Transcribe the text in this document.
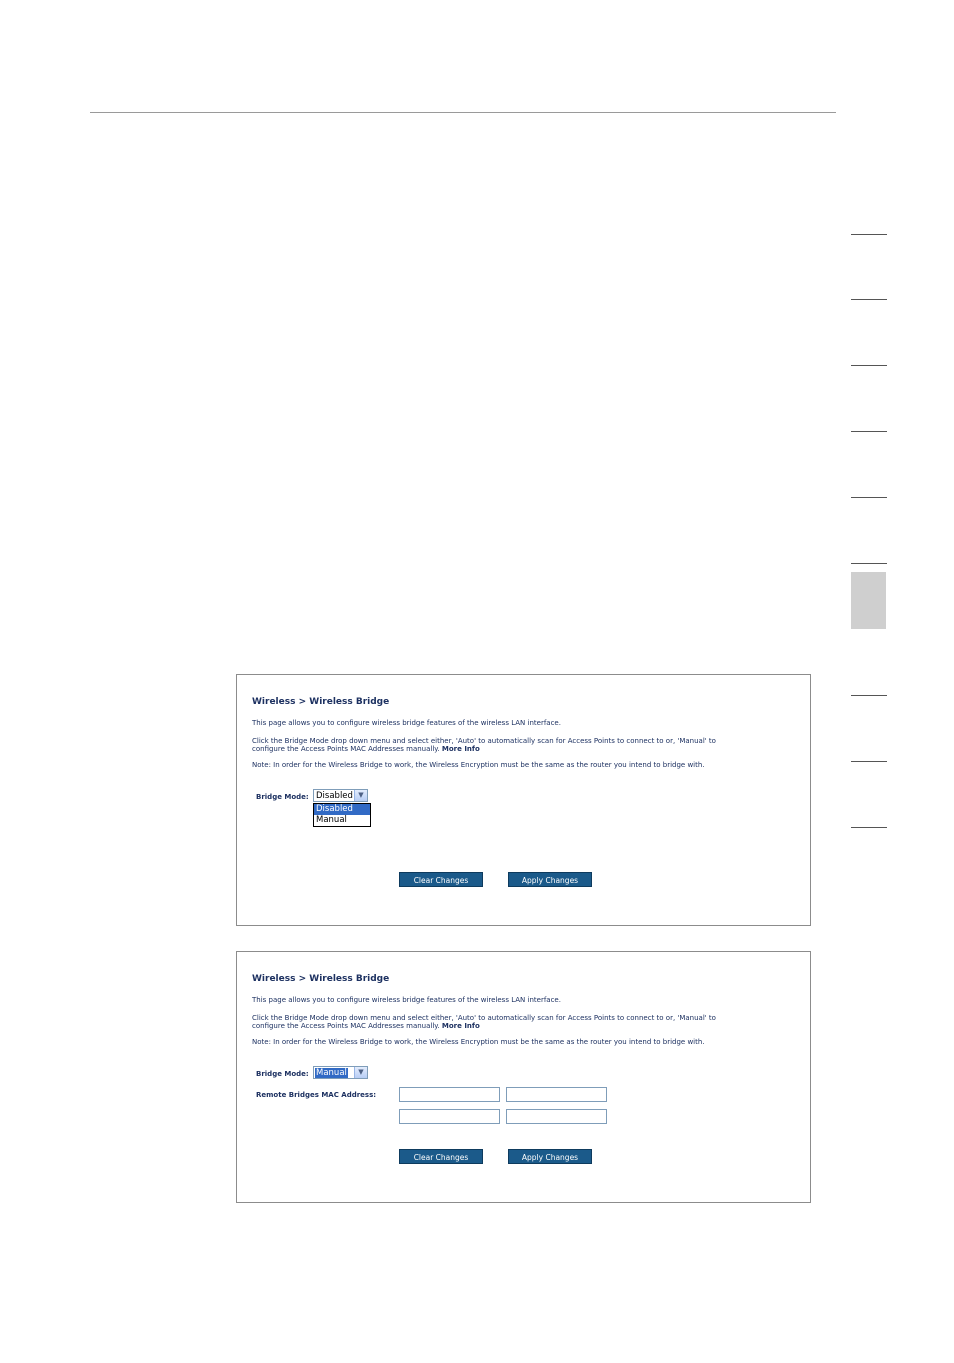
Wireless > Wireless Bridge
This page allows you to configure wireless bridge features of the wireless LAN interface.
Click the Bridge Mode drop down menu and select either, 'Auto' to automatically scan for Access Points to connect to or, 'Manual' to
configure the Access Points MAC Addresses manually. More Info
Note: In order for the Wireless Bridge to work, the Wireless Encryption must be the same as the router you intend to bridge with.
Bridge Mode: Disabled ▼
Disabled
Manual
Clear Changes	Apply Changes
Wireless > Wireless Bridge
This page allows you to configure wireless bridge features of the wireless LAN interface.
Click the Bridge Mode drop down menu and select either, 'Auto' to automatically scan for Access Points to connect to or, 'Manual' to
configure the Access Points MAC Addresses manually. More Info
Note: In order for the Wireless Bridge to work, the Wireless Encryption must be the same as the router you intend to bridge with.
Bridge Mode: Manual	▼
Remote Bridges MAC Address:
Clear Changes	Apply Changes
